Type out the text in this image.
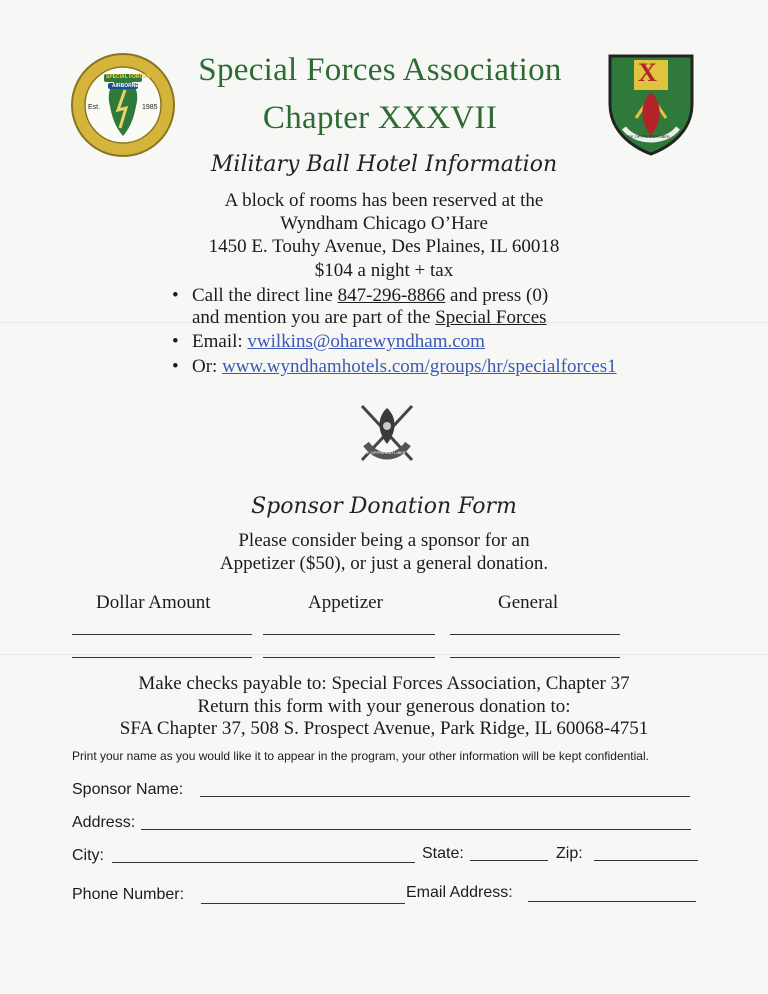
SPECIAL FORCES
AIRBORNE
Est.	1985
X
DE OPPRESSO LIBER
Special Forces Association
Chapter XXXVII
Military Ball Hotel Information
A block of rooms has been reserved at the
Wyndham Chicago O’Hare
1450 E. Touhy Avenue, Des Plaines, IL 60018
$104 a night + tax
• Call the direct line 847-296-8866 and press (0)
and mention you are part of the Special Forces
• Email: vwilkins@oharewyndham.com
• Or: www.wyndhamhotels.com/groups/hr/specialforces1
DE OPPRESSO LIBER
Sponsor Donation Form
Please consider being a sponsor for an
Appetizer ($50), or just a general donation.
Dollar Amount	Appetizer	General
Make checks payable to: Special Forces Association, Chapter 37
Return this form with your generous donation to:
SFA Chapter 37, 508 S. Prospect Avenue, Park Ridge, IL 60068-4751
Print your name as you would like it to appear in the program, your other information will be kept confidential.
Sponsor Name:
Address:
City:	State:	Zip:
Phone Number:	Email Address:
